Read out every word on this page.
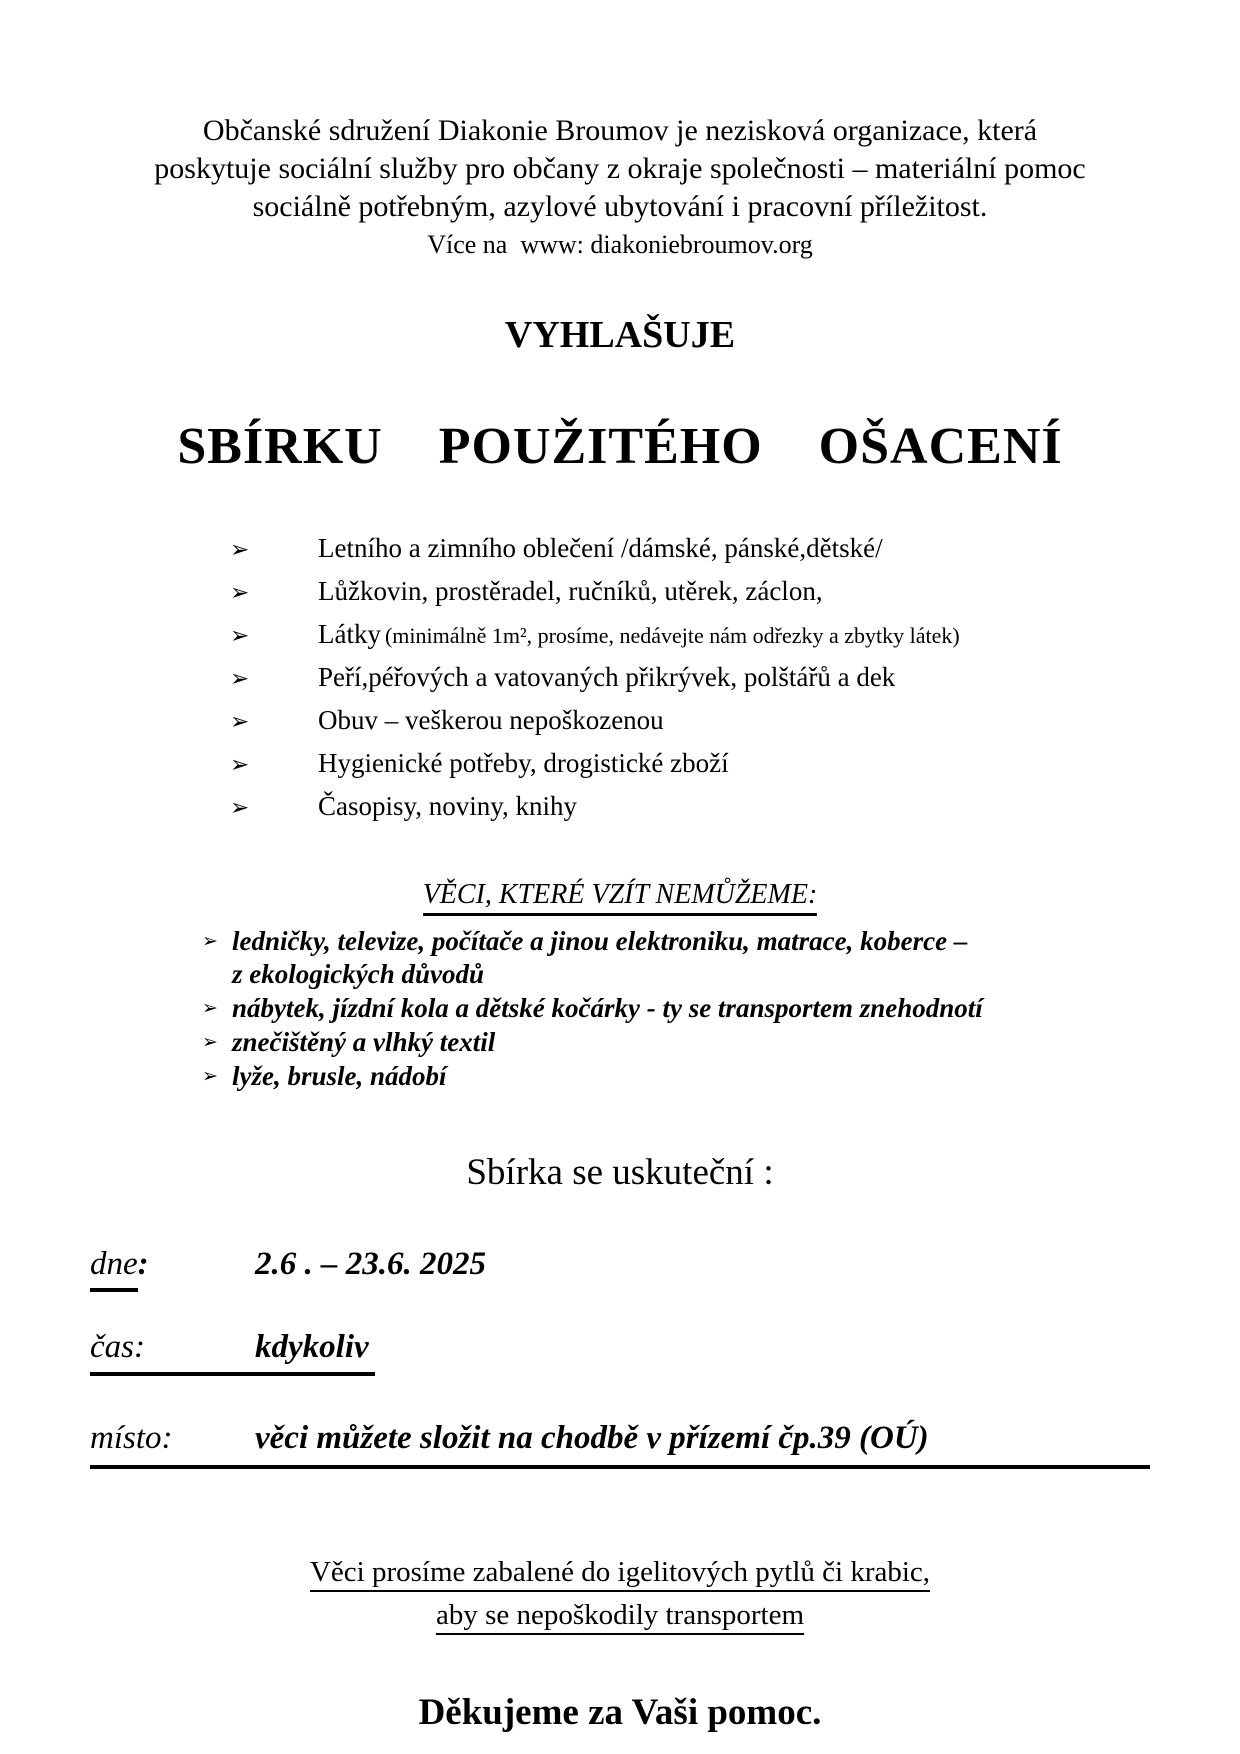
Občanské sdružení Diakonie Broumov je nezisková organizace, která
poskytuje sociální služby pro občany z okraje společnosti – materiální pomoc
sociálně potřebným, azylové ubytování i pracovní příležitost.
Více na  www: diakoniebroumov.org
VYHLAŠUJE
SBÍRKU  POUŽITÉHO  OŠACENÍ
➢	Letního a zimního oblečení /dámské, pánské,dětské/
➢	Lůžkovin, prostěradel, ručníků, utěrek, záclon,
➢	Látky (minimálně 1m², prosíme, nedávejte nám odřezky a zbytky látek)
➢	Peří,péřových a vatovaných přikrývek, polštářů a dek
➢	Obuv – veškerou nepoškozenou
➢	Hygienické potřeby, drogistické zboží
➢	Časopisy, noviny, knihy
VĚCI, KTERÉ VZÍT NEMŮŽEME:
➢ ledničky, televize, počítače a jinou elektroniku, matrace, koberce –
z ekologických důvodů
➢ nábytek, jízdní kola a dětské kočárky - ty se transportem znehodnotí
➢ znečištěný a vlhký textil
➢ lyže, brusle, nádobí
Sbírka se uskuteční :
dne:	2.6 . – 23.6. 2025
čas:	kdykoliv
místo:	věci můžete složit na chodbě v přízemí čp.39 (OÚ)
Věci prosíme zabalené do igelitových pytlů či krabic,
aby se nepoškodily transportem
Děkujeme za Vaši pomoc.
